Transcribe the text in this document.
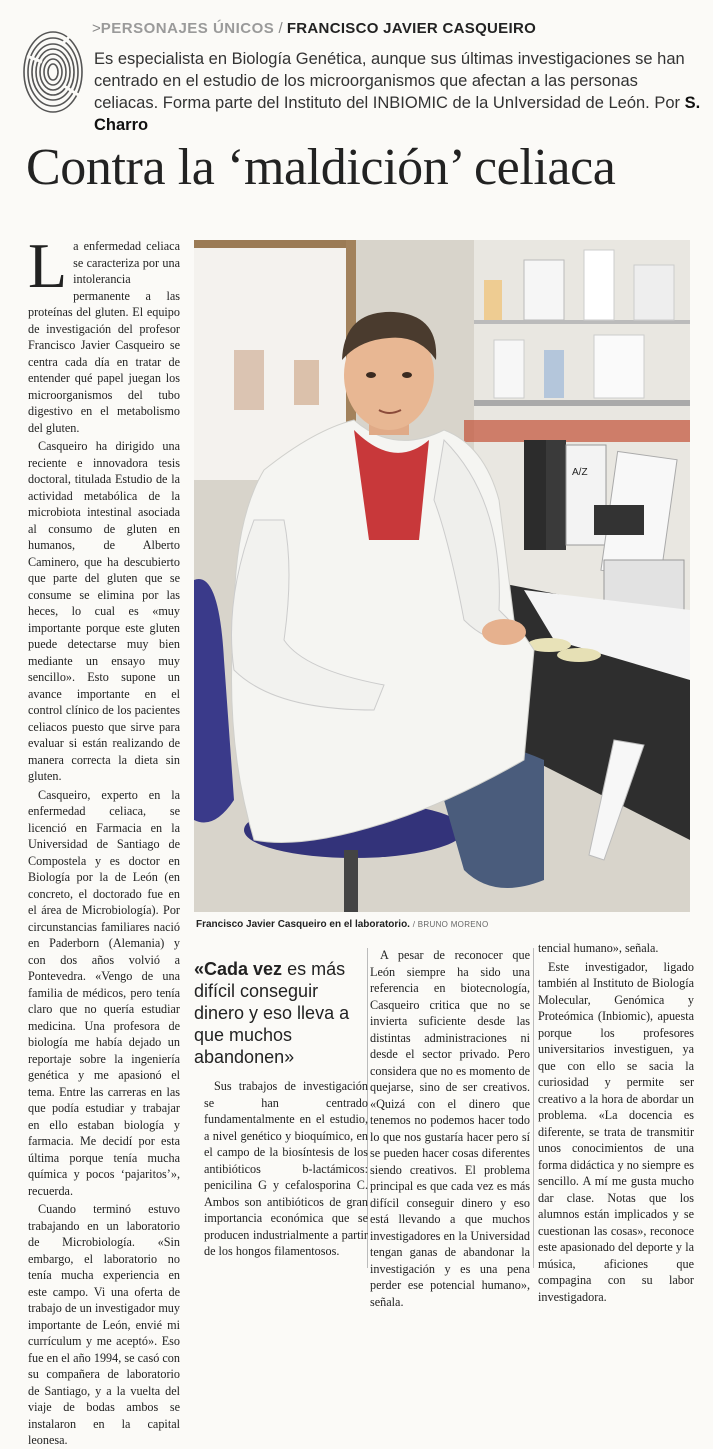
>PERSONAJES ÚNICOS / FRANCISCO JAVIER CASQUEIRO
Es especialista en Biología Genética, aunque sus últimas investigaciones se han centrado en el estudio de los microorganismos que afectan a las personas celiacas. Forma parte del Instituto del INBIOMIC de la UnIversidad de León. Por S. Charro
Contra la ‘maldición’ celiaca

La enfermedad celiaca se caracteriza por una intolerancia permanente a las proteínas del gluten. El equipo de investigación del profesor Francisco Javier Casqueiro se centra cada día en tratar de entender qué papel juegan los microorganismos del tubo digestivo en el metabolismo del gluten.

Casqueiro ha dirigido una reciente e innovadora tesis doctoral, titulada Estudio de la actividad metabólica de la microbiota intestinal asociada al consumo de gluten en humanos, de Alberto Caminero, que ha descubierto que parte del gluten que se consume se elimina por las heces, lo cual es «muy importante porque este gluten puede detectarse muy bien mediante un ensayo muy sencillo». Esto supone un avance importante en el control clínico de los pacientes celiacos puesto que sirve para evaluar si están realizando de manera correcta la dieta sin gluten.

Casqueiro, experto en la enfermedad celiaca, se licenció en Farmacia en la Universidad de Santiago de Compostela y es doctor en Biología por la de León (en concreto, el doctorado fue en el área de Microbiología). Por circunstancias familiares nació en Paderborn (Alemania) y con dos años volvió a Pontevedra. «Vengo de una familia de médicos, pero tenía claro que no quería estudiar medicina. Una profesora de biología me había dejado un reportaje sobre la ingeniería genética y me apasionó el tema. Entre las carreras en las que podía estudiar y trabajar en ello estaban biología y farmacia. Me decidí por esta última porque tenía mucha química y pocos ‘pajaritos’», recuerda.

Cuando terminó estuvo trabajando en un laboratorio de Microbiología. «Sin embargo, el laboratorio no tenía mucha experiencia en este campo. Vi una oferta de trabajo de un investigador muy importante de León, envié mi currículum y me aceptó». Eso fue en el año 1994, se casó con su compañera de laboratorio de Santiago, y a la vuelta del viaje de bodas ambos se instalaron en la capital leonesa.

A/Z
Francisco Javier Casqueiro en el laboratorio. / BRUNO MORENO
«Cada vez es más difícil conseguir dinero y eso lleva a que muchos abandonen»

Sus trabajos de investigación se han centrado fundamentalmente en el estudio, a nivel genético y bioquímico, en el campo de la biosíntesis de los antibióticos b-lactámicos: penicilina G y cefalosporina C. Ambos son antibióticos de gran importancia económica que se producen industrialmente a partir de los hongos filamentosos.

A pesar de reconocer que León siempre ha sido una referencia en biotecnología, Casqueiro critica que no se invierta suficiente desde las distintas administraciones ni desde el sector privado. Pero considera que no es momento de quejarse, sino de ser creativos. «Quizá con el dinero que tenemos no podemos hacer todo lo que nos gustaría hacer pero sí se pueden hacer cosas diferentes siendo creativos. El problema principal es que cada vez es más difícil conseguir dinero y eso está llevando a que muchos investigadores en la Universidad tengan ganas de abandonar la investigación y es una pena perder ese potencial humano», señala.

tencial humano», señala.

Este investigador, ligado también al Instituto de Biología Molecular, Genómica y Proteómica (Inbiomic), apuesta porque los profesores universitarios investiguen, ya que con ello se sacia la curiosidad y permite ser creativo a la hora de abordar un problema. «La docencia es diferente, se trata de transmitir unos conocimientos de una forma didáctica y no siempre es sencillo. A mí me gusta mucho dar clase. Notas que los alumnos están implicados y se cuestionan las cosas», reconoce este apasionado del deporte y la música, aficiones que compagina con su labor investigadora.
